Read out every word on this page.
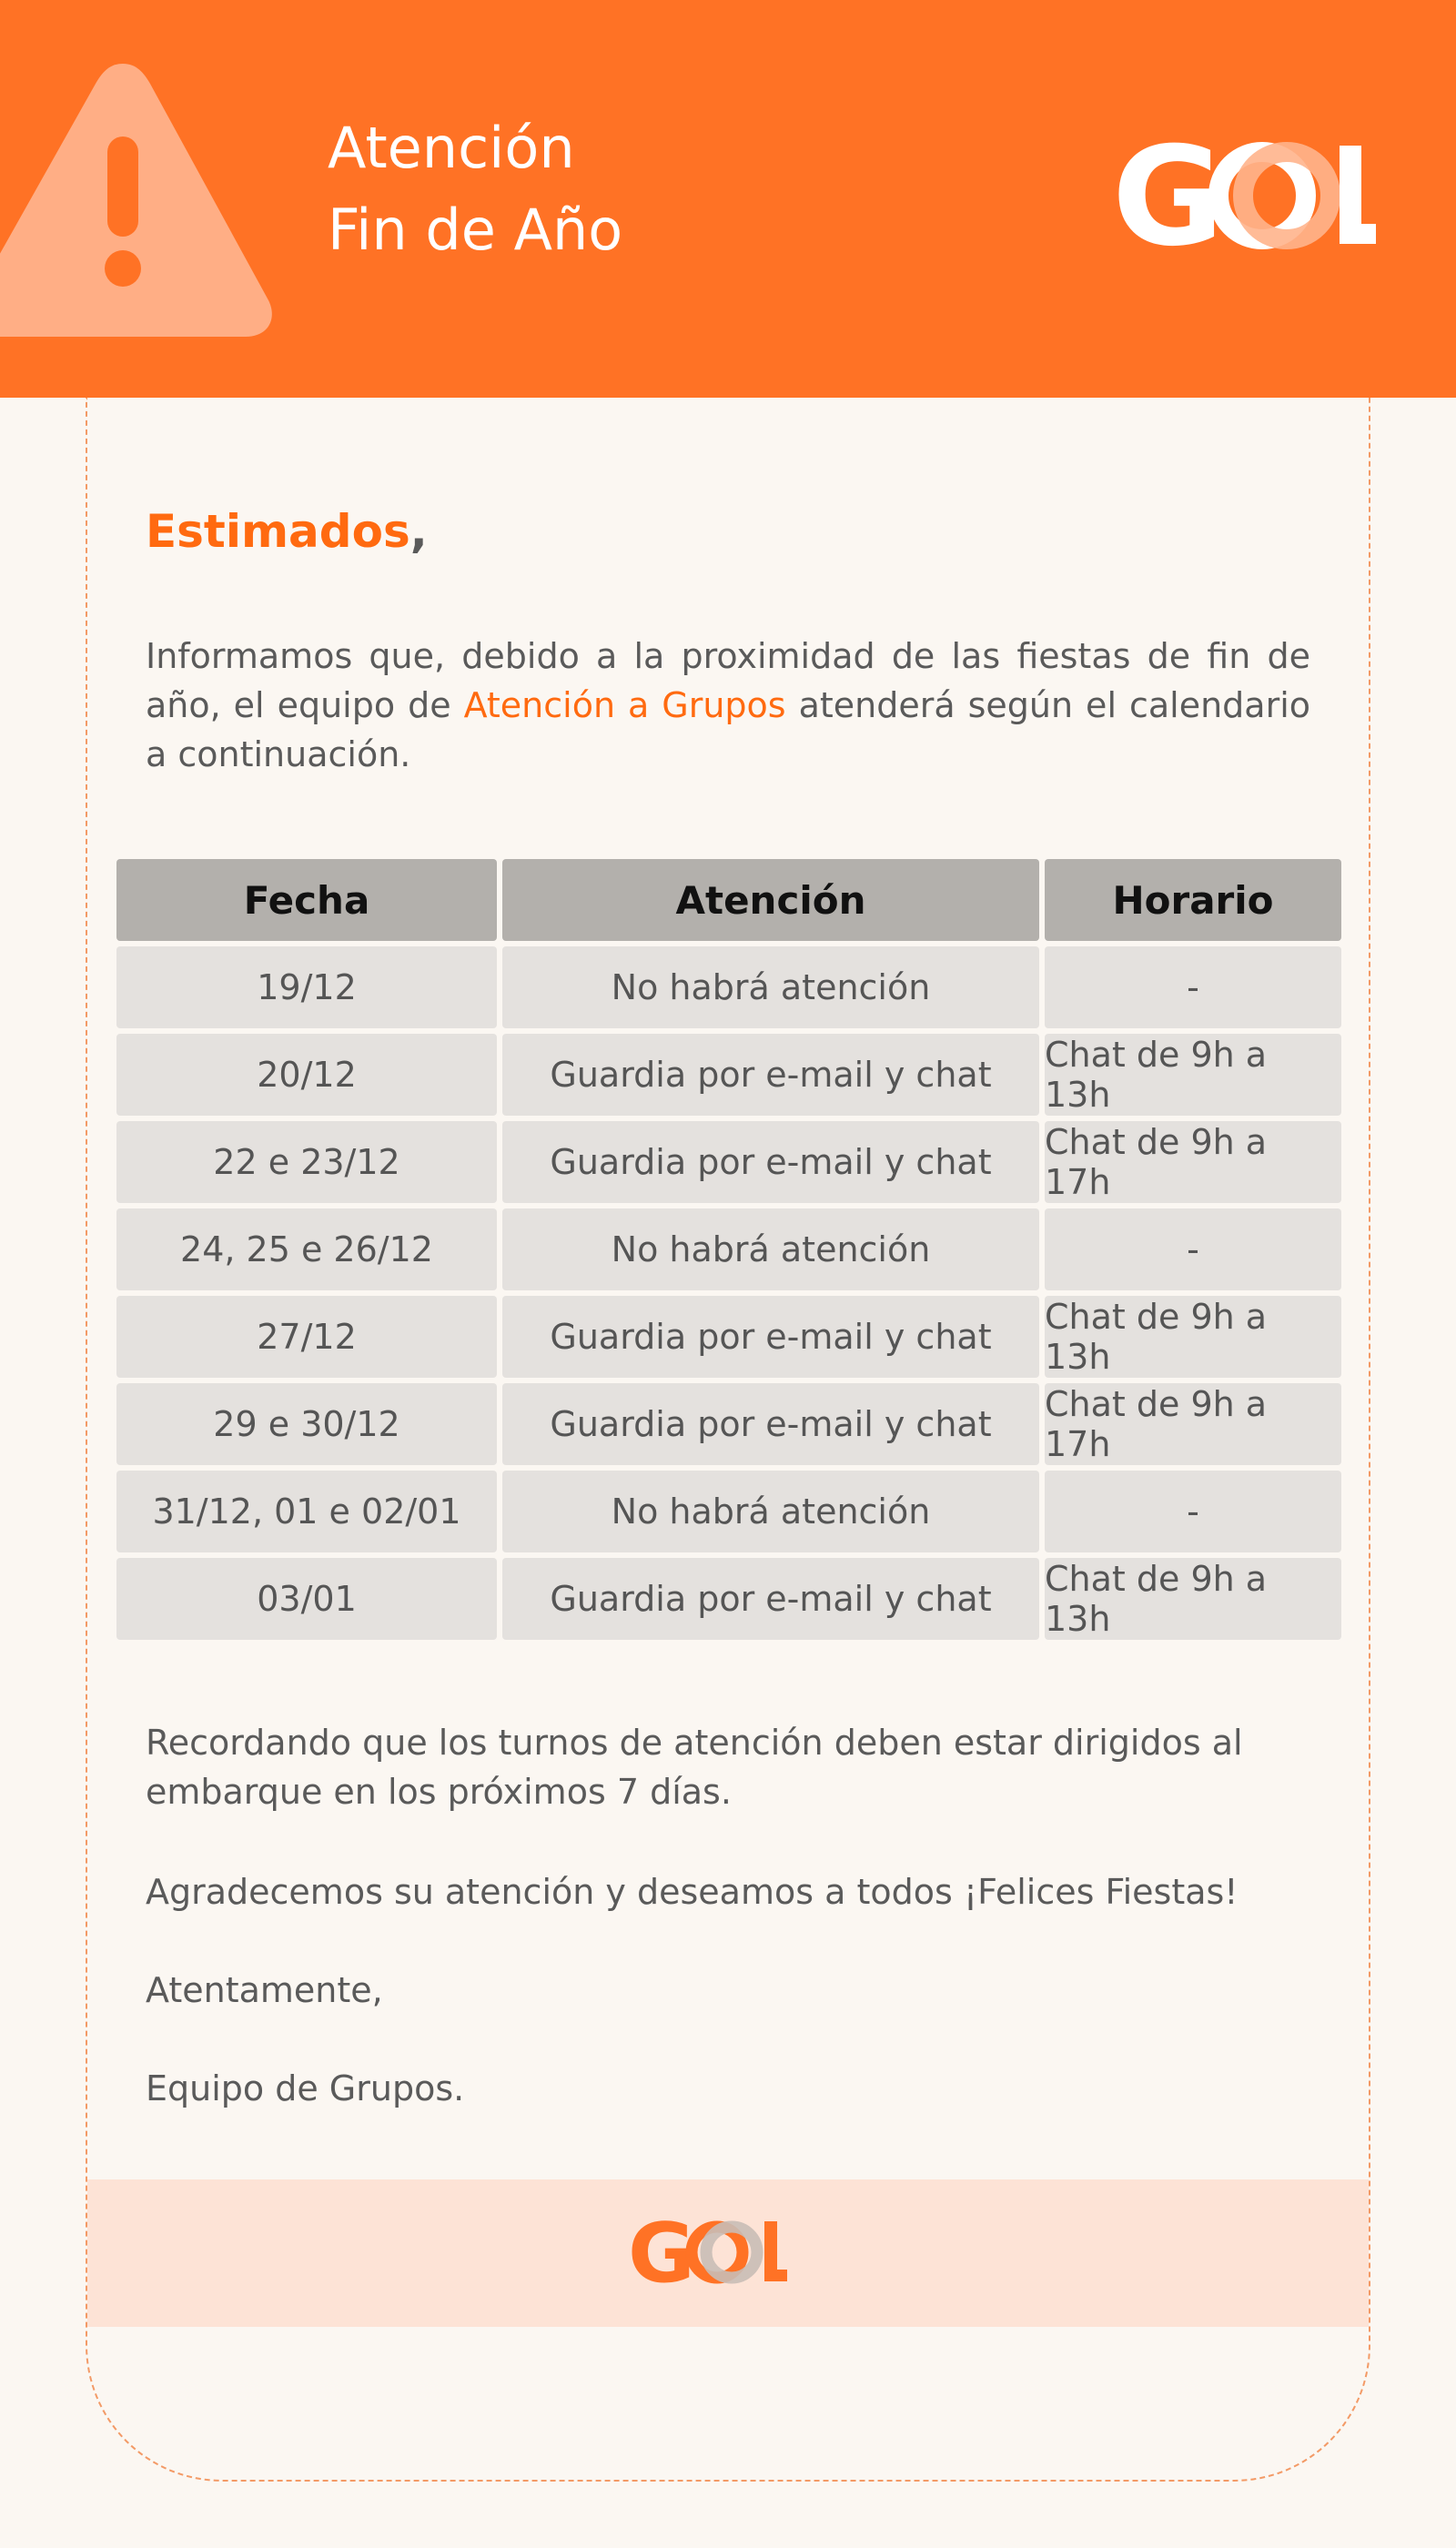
Atención
Fin de Año	G
Estimados,

Informamos que, debido a la proximidad de las fiestas de fin de año, el equipo de Atención a Grupos atenderá según el calendario a continuación.

Fecha	Atención	Horario
19/12	No habrá atención	-
20/12	Guardia por e-mail y chat	Chat de 9h a 13h
22 e 23/12	Guardia por e-mail y chat	Chat de 9h a 17h
24, 25 e 26/12	No habrá atención	-
27/12	Guardia por e-mail y chat	Chat de 9h a 13h
29 e 30/12	Guardia por e-mail y chat	Chat de 9h a 17h
31/12, 01 e 02/01	No habrá atención	-
03/01	Guardia por e-mail y chat	Chat de 9h a 13h

Recordando que los turnos de atención deben estar dirigidos al embarque en los próximos 7 días.

Agradecemos su atención y deseamos a todos ¡Felices Fiestas!

Atentamente,

Equipo de Grupos.

G
